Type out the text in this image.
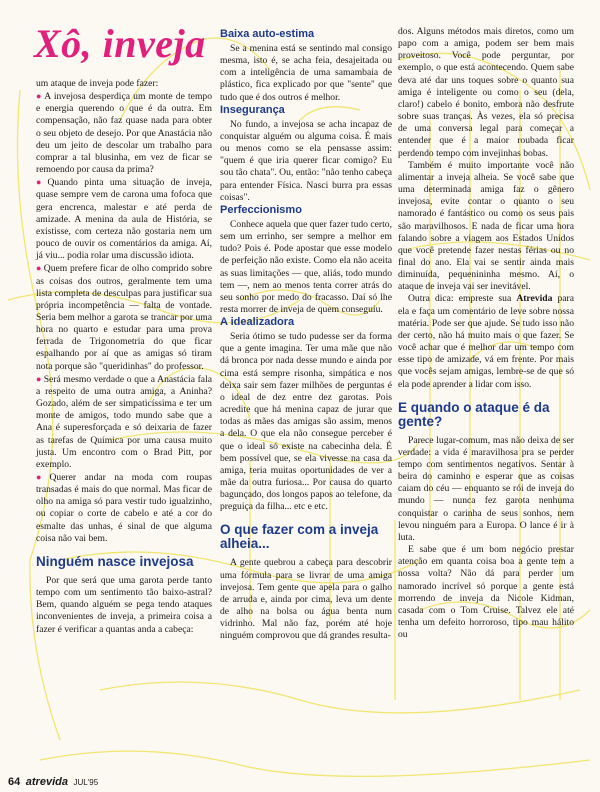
Xô, inveja

um ataque de inveja pode fazer:

● A invejosa desperdiça um monte de tempo e energia querendo o que é da outra. Em compensação, não faz quase nada para obter o seu objeto de desejo. Por que Anastácia não deu um jeito de descolar um trabalho para comprar a tal blusinha, em vez de ficar se remoendo por causa da prima?

● Quando pinta uma situação de inveja, quase sempre vem de carona uma fofoca que gera encrenca, malestar e até perda de amizade. A menina da aula de História, se existisse, com certeza não gostaria nem um pouco de ouvir os comentários da amiga. Aí, já viu... podia rolar uma discussão idiota.

● Quem prefere ficar de olho comprido sobre as coisas dos outros, geralmente tem uma lista completa de desculpas para justificar sua própria incompetência — falta de vontade. Seria bem melhor a garota se trancar por uma hora no quarto e estudar para uma prova ferrada de Trigonometria do que ficar espalhando por aí que as amigas só tiram nota porque são "queridinhas" do professor.

● Será mesmo verdade o que a Anastácia fala a respeito de uma outra amiga, a Aninha? Gozado, além de ser simpaticíssima e ter um monte de amigos, todo mundo sabe que a Ana é superesforçada e só deixaria de fazer as tarefas de Química por uma causa muito justa. Um encontro com o Brad Pitt, por exemplo.

● Querer andar na moda com roupas transadas é mais do que normal. Mas ficar de olho na amiga só para vestir tudo igualzinho, ou copiar o corte de cabelo e até a cor do esmalte das unhas, é sinal de que alguma coisa não vai bem.

Ninguém nasce invejosa

Por que será que uma garota perde tanto tempo com um sentimento tão baixo-astral? Bem, quando alguém se pega tendo ataques inconvenientes de inveja, a primeira coisa a fazer é verificar a quantas anda a cabeça:

Baixa auto-estima

Se a menina está se sentindo mal consigo mesma, isto é, se acha feia, desajeitada ou com a inteligência de uma samambaia de plástico, fica explicado por que "sente" que tudo que é dos outros é melhor.

Insegurança

No fundo, a invejosa se acha incapaz de conquistar alguém ou alguma coisa. É mais ou menos como se ela pensasse assim: "quem é que iria querer ficar comigo? Eu sou tão chata". Ou, então: "não tenho cabeça para entender Física. Nasci burra pra essas coisas".

Perfeccionismo

Conhece aquela que quer fazer tudo certo, sem um errinho, ser sempre a melhor em tudo? Pois é. Pode apostar que esse modelo de perfeição não existe. Como ela não aceita as suas limitações — que, aliás, todo mundo tem —, nem ao menos tenta correr atrás do seu sonho por medo do fracasso. Daí só lhe resta morrer de inveja de quem conseguiu.

A idealizadora

Seria ótimo se tudo pudesse ser da forma que a gente imagina. Ter uma mãe que não dá bronca por nada desse mundo e ainda por cima está sempre risonha, simpática e nos deixa sair sem fazer milhões de perguntas é o ideal de dez entre dez garotas. Pois acredite que há menina capaz de jurar que todas as mães das amigas são assim, menos a dela. O que ela não consegue perceber é que o ideal só existe na cabecinha dela. É bem possível que, se ela vivesse na casa da amiga, teria muitas oportunidades de ver a mãe da outra furiosa... Por causa do quarto bagunçado, dos longos papos ao telefone, da preguiça da filha... etc e etc.

O que fazer com a inveja alheia...

A gente quebrou a cabeça para descobrir uma fórmula para se livrar de uma amiga invejosa. Tem gente que apela para o galho de arruda e, ainda por cima, leva um dente de alho na bolsa ou água benta num vidrinho. Mal não faz, porém até hoje ninguém comprovou que dá grandes resulta-

dos. Alguns métodos mais diretos, como um papo com a amiga, podem ser bem mais proveitoso. Você pode perguntar, por exemplo, o que está acontecendo. Quem sabe deva até dar uns toques sobre o quanto sua amiga é inteligente ou como o seu (dela, claro!) cabelo é bonito, embora não desfrute sobre suas tranças. Às vezes, ela só precisa de uma conversa legal para começar a entender que é a maior roubada ficar perdendo tempo com invejinhas bobas.

Também é muito importante você não alimentar a inveja alheia. Se você sabe que uma determinada amiga faz o gênero invejosa, evite contar o quanto o seu namorado é fantástico ou como os seus pais são maravilhosos. E nada de ficar uma hora falando sobre a viagem aos Estados Unidos que você pretende fazer nestas férias ou no final do ano. Ela vai se sentir ainda mais diminuída, pequenininha mesmo. Aí, o ataque de inveja vai ser inevitável.

Outra dica: empreste sua Atrevida para ela e faça um comentário de leve sobre nossa matéria. Pode ser que ajude. Se tudo isso não der certo, não há muito mais o que fazer. Se você achar que é melhor dar um tempo com esse tipo de amizade, vá em frente. Por mais que vocês sejam amigas, lembre-se de que só ela pode aprender a lidar com isso.

E quando o ataque é da gente?

Parece lugar-comum, mas não deixa de ser verdade: a vida é maravilhosa pra se perder tempo com sentimentos negativos. Sentar à beira do caminho e esperar que as coisas caiam do céu — enquanto se rói de inveja do mundo — nunca fez garota nenhuma conquistar o carinha de seus sonhos, nem levou ninguém para a Europa. O lance é ir à luta.

E sabe que é um bom negócio prestar atenção em quanta coisa boa a gente tem a nossa volta? Não dá para perder um namorado incrível só porque a gente está morrendo de inveja da Nicole Kidman, casada com o Tom Cruise. Talvez ele até tenha um defeito horroroso, tipo mau hálito ou

64 atrevida JUL'95
